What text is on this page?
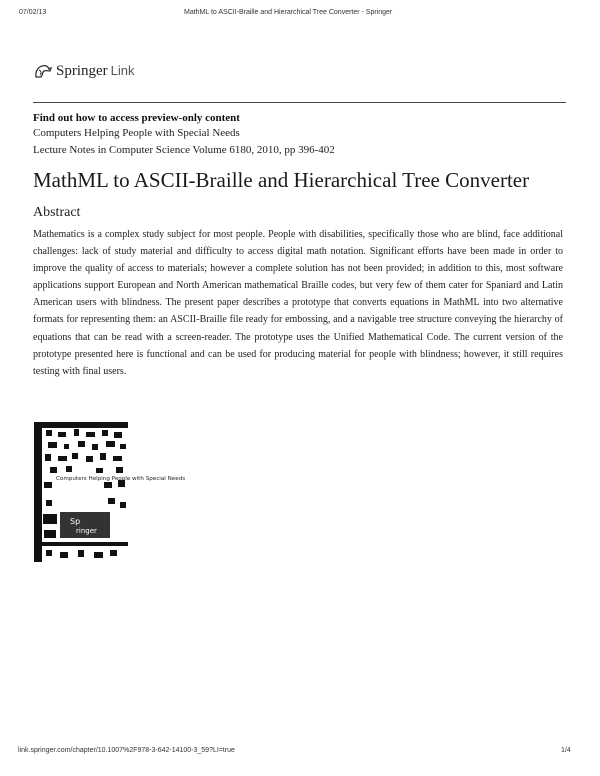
07/02/13	MathML to ASCII-Braille and Hierarchical Tree Converter - Springer
Springer Link
Find out how to access preview-only content
Computers Helping People with Special Needs
Lecture Notes in Computer Science Volume 6180, 2010, pp 396-402
MathML to ASCII-Braille and Hierarchical Tree Converter
Abstract

Mathematics is a complex study subject for most people. People with disabilities, specifically those who are blind, face additional challenges: lack of study material and difficulty to access digital math notation. Significant efforts have been made in order to improve the quality of access to materials; however a complete solution has not been provided; in addition to this, most software applications support European and North American mathematical Braille codes, but very few of them cater for Spaniard and Latin American users with blindness. The present paper describes a prototype that converts equations in MathML into two alternative formats for representing them: an ASCII-Braille file ready for embossing, and a navigable tree structure conveying the hierarchy of equations that can be read with a screen-reader. The prototype uses the Unified Mathematical Code. The current version of the prototype presented here is functional and can be used for producing material for people with blindness; however, it still requires testing with final users.

Sp
ringer
Computers Helping People with Special Needs
link.springer.com/chapter/10.1007%2F978-3-642-14100-3_59?LI=true	1/4
